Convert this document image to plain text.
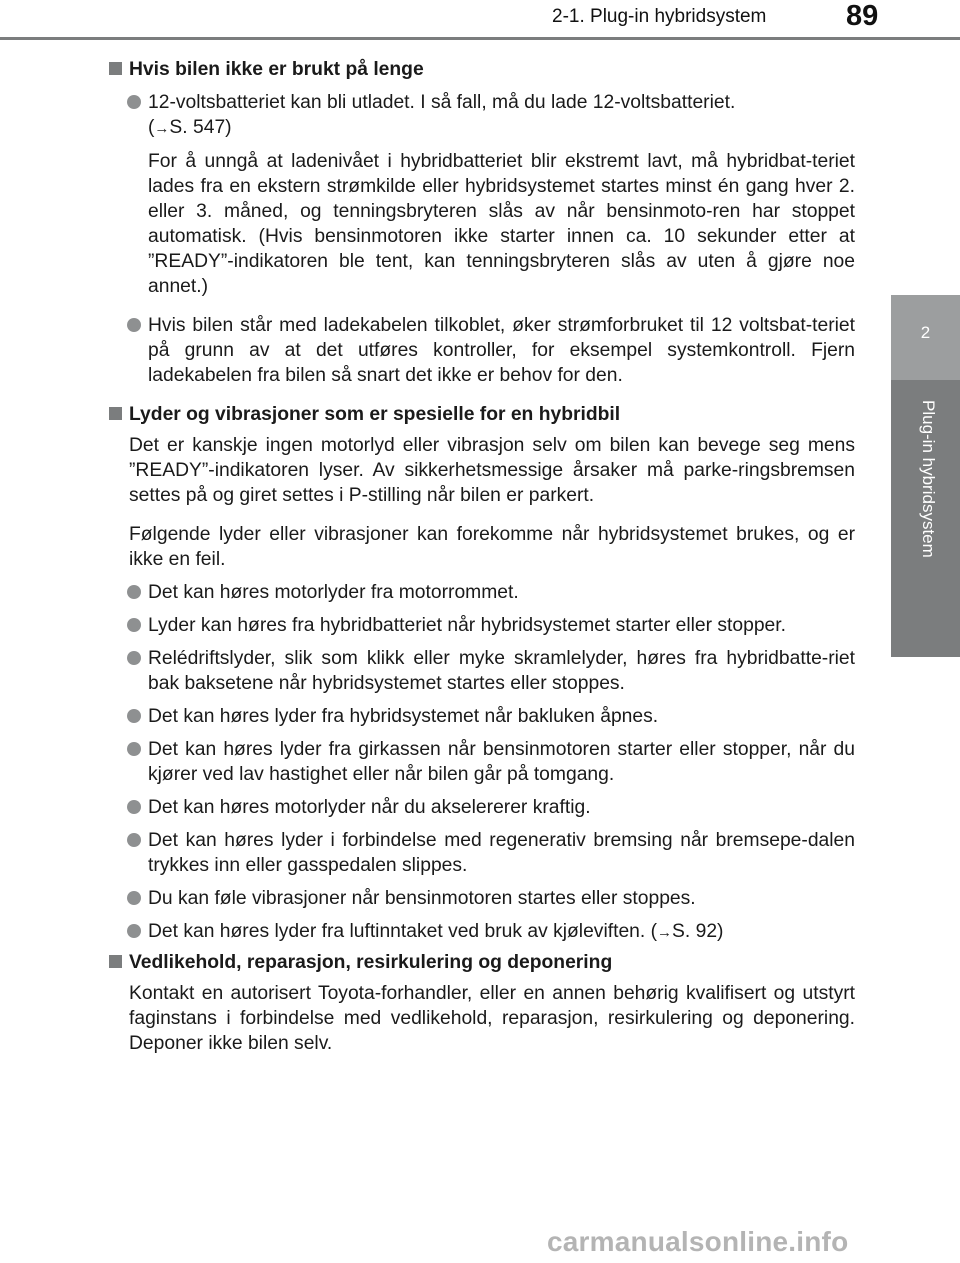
2-1. Plug-in hybridsystem	89
2
Plug-in hybridsystem
Hvis bilen ikke er brukt på lenge
12-voltsbatteriet kan bli utladet. I så fall, må du lade 12-voltsbatteriet.
(→S. 547)
For å unngå at ladenivået i hybridbatteriet blir ekstremt lavt, må hybridbat-teriet lades fra en ekstern strømkilde eller hybridsystemet startes minst én gang hver 2. eller 3. måned, og tenningsbryteren slås av når bensinmoto-ren har stoppet automatisk. (Hvis bensinmotoren ikke starter innen ca. 10 sekunder etter at ”READY”-indikatoren ble tent, kan tenningsbryteren slås av uten å gjøre noe annet.)
Hvis bilen står med ladekabelen tilkoblet, øker strømforbruket til 12 voltsbat-teriet på grunn av at det utføres kontroller, for eksempel systemkontroll. Fjern ladekabelen fra bilen så snart det ikke er behov for den.
Lyder og vibrasjoner som er spesielle for en hybridbil
Det er kanskje ingen motorlyd eller vibrasjon selv om bilen kan bevege seg mens ”READY”-indikatoren lyser. Av sikkerhetsmessige årsaker må parke-ringsbremsen settes på og giret settes i P-stilling når bilen er parkert.
Følgende lyder eller vibrasjoner kan forekomme når hybridsystemet brukes, og er ikke en feil.
Det kan høres motorlyder fra motorrommet.
Lyder kan høres fra hybridbatteriet når hybridsystemet starter eller stopper.
Relédriftslyder, slik som klikk eller myke skramlelyder, høres fra hybridbatte-riet bak baksetene når hybridsystemet startes eller stoppes.
Det kan høres lyder fra hybridsystemet når bakluken åpnes.
Det kan høres lyder fra girkassen når bensinmotoren starter eller stopper, når du kjører ved lav hastighet eller når bilen går på tomgang.
Det kan høres motorlyder når du akselererer kraftig.
Det kan høres lyder i forbindelse med regenerativ bremsing når bremsepe-dalen trykkes inn eller gasspedalen slippes.
Du kan føle vibrasjoner når bensinmotoren startes eller stoppes.
Det kan høres lyder fra luftinntaket ved bruk av kjøleviften. (→S. 92)
Vedlikehold, reparasjon, resirkulering og deponering
Kontakt en autorisert Toyota-forhandler, eller en annen behørig kvalifisert og utstyrt faginstans i forbindelse med vedlikehold, reparasjon, resirkulering og deponering. Deponer ikke bilen selv.
carmanualsonline.info
